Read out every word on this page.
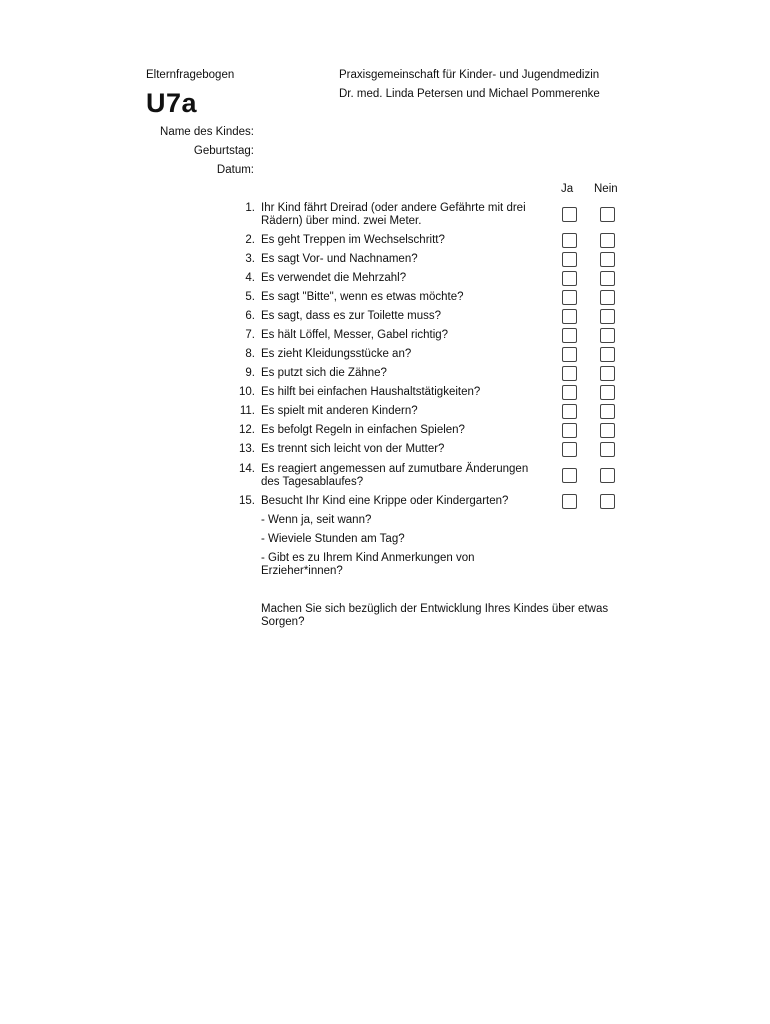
Elternfragebogen
U7a
Praxisgemeinschaft für Kinder- und Jugendmedizin
Dr. med. Linda Petersen und Michael Pommerenke
Name des Kindes:
Geburtstag:
Datum:
Ja Nein
1. Ihr Kind fährt Dreirad (oder andere Gefährte mit drei Rädern) über mind. zwei Meter.
2. Es geht Treppen im Wechselschritt?
3. Es sagt Vor- und Nachnamen?
4. Es verwendet die Mehrzahl?
5. Es sagt "Bitte", wenn es etwas möchte?
6. Es sagt, dass es zur Toilette muss?
7. Es hält Löffel, Messer, Gabel richtig?
8. Es zieht Kleidungsstücke an?
9. Es putzt sich die Zähne?
10. Es hilft bei einfachen Haushaltstätigkeiten?
11. Es spielt mit anderen Kindern?
12. Es befolgt Regeln in einfachen Spielen?
13. Es trennt sich leicht von der Mutter?
14. Es reagiert angemessen auf zumutbare Änderungen des Tagesablaufes?
15. Besucht Ihr Kind eine Krippe oder Kindergarten?
- Wenn ja, seit wann?
- Wieviele Stunden am Tag?
- Gibt es zu Ihrem Kind Anmerkungen von Erzieher*innen?
Machen Sie sich bezüglich der Entwicklung Ihres Kindes über etwas Sorgen?
